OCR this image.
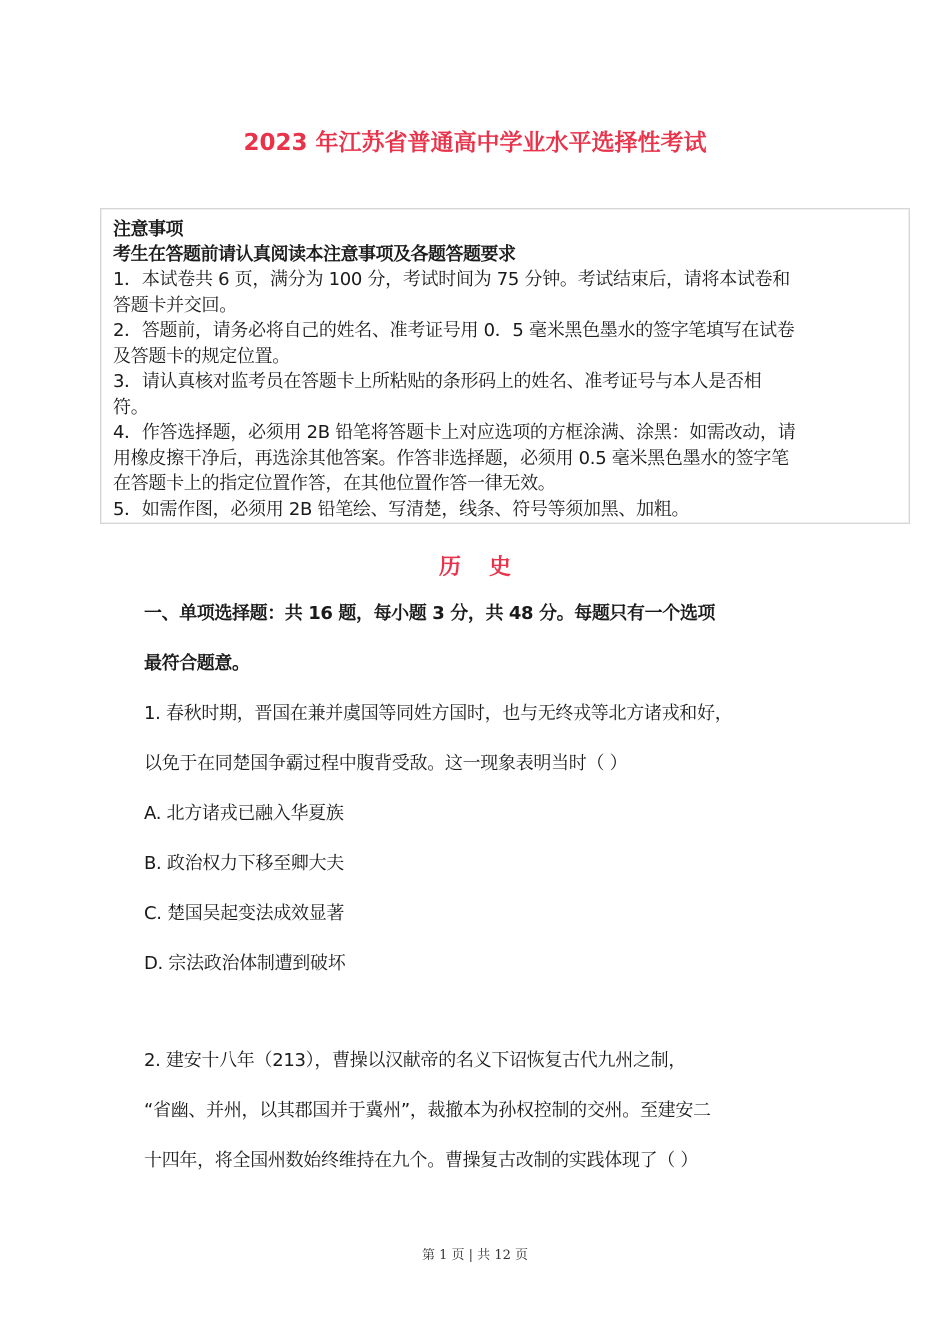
2023 年江苏省普通高中学业水平选择性考试
注意事项
考生在答题前请认真阅读本注意事项及各题答题要求
1．本试卷共 6 页，满分为 100 分，考试时间为 75 分钟。考试结束后，请将本试卷和
答题卡并交回。
2．答题前，请务必将自己的姓名、准考证号用 0．5 毫米黑色墨水的签字笔填写在试卷
及答题卡的规定位置。
3．请认真核对监考员在答题卡上所粘贴的条形码上的姓名、准考证号与本人是否相
符。
4．作答选择题，必须用 2B 铅笔将答题卡上对应选项的方框涂满、涂黑：如需改动，请
用橡皮擦干净后，再选涂其他答案。作答非选择题，必须用 0.5 毫米黑色墨水的签字笔
在答题卡上的指定位置作答，在其他位置作答一律无效。
5．如需作图，必须用 2B 铅笔绘、写清楚，线条、符号等须加黑、加粗。
历史
一、单项选择题：共 16 题，每小题 3 分，共 48 分。每题只有一个选项
最符合题意。
1. 春秋时期，晋国在兼并虞国等同姓方国时，也与无终戎等北方诸戎和好，
以免于在同楚国争霸过程中腹背受敌。这一现象表明当时（ ）
A. 北方诸戎已融入华夏族
B. 政治权力下移至卿大夫
C. 楚国吴起变法成效显著
D. 宗法政治体制遭到破坏
2. 建安十八年（213），曹操以汉献帝的名义下诏恢复古代九州之制，
“省幽、并州，以其郡国并于冀州”，裁撤本为孙权控制的交州。至建安二
十四年，将全国州数始终维持在九个。曹操复古改制的实践体现了（ ）
第 1 页 | 共 12 页
